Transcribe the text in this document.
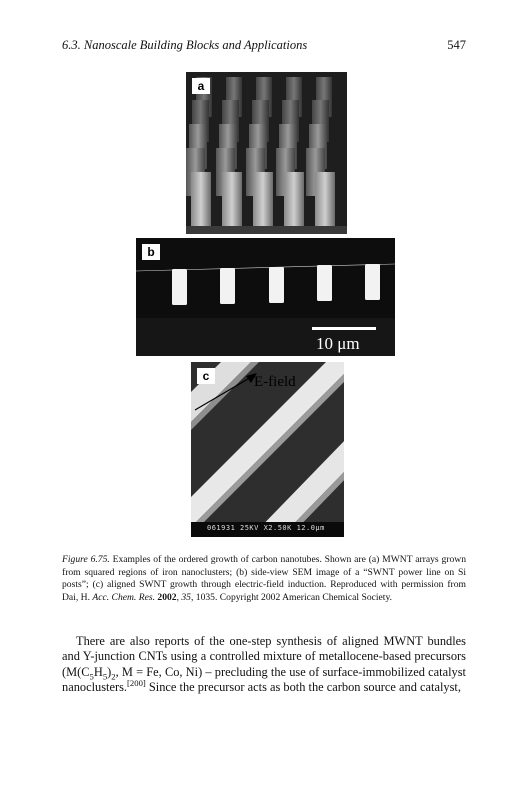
6.3. Nanoscale Building Blocks and Applications	547
a
b
10 μm
c	E-field
061931 25KV X2.50K 12.0µm
Figure 6.75. Examples of the ordered growth of carbon nanotubes. Shown are (a) MWNT arrays grown from squared regions of iron nanoclusters; (b) side-view SEM image of a “SWNT power line on Si posts”; (c) aligned SWNT growth through electric-field induction. Reproduced with permission from Dai, H. Acc. Chem. Res. 2002, 35, 1035. Copyright 2002 American Chemical Society.

There are also reports of the one-step synthesis of aligned MWNT bundles and Y-junction CNTs using a controlled mixture of metallocene-based precursors ($M(C_5H_5)_2$, M = Fe, Co, Ni) – precluding the use of surface-immobilized catalyst nanoclusters.[200] Since the precursor acts as both the carbon source and catalyst,
